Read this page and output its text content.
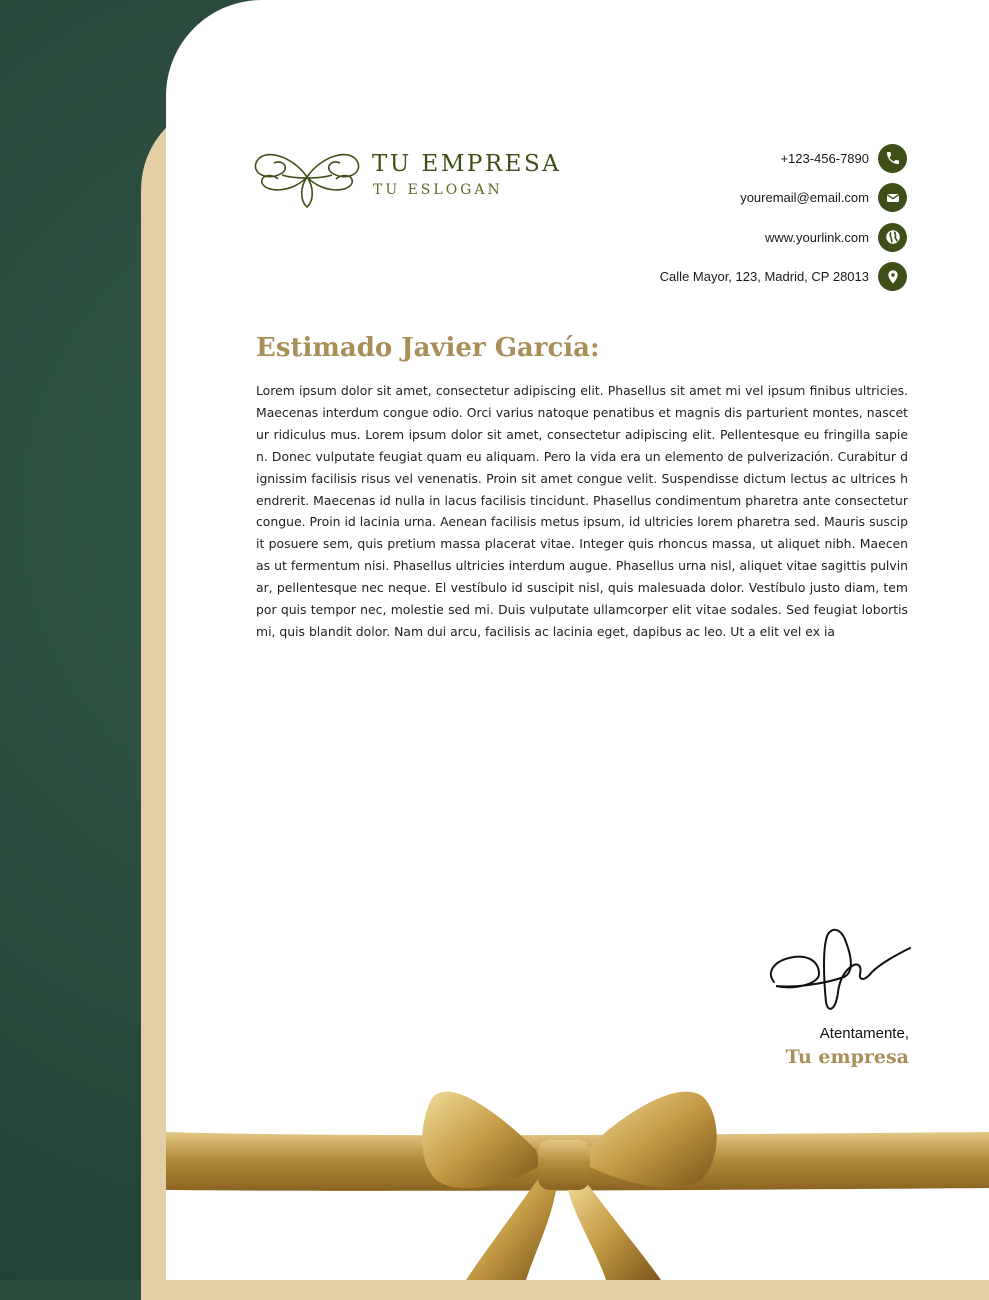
TU EMPRESA
TU ESLOGAN
+123-456-7890
youremail@email.com
www.yourlink.com
Calle Mayor, 123, Madrid, CP 28013
Estimado Javier García:
Lorem ipsum dolor sit amet, consectetur adipiscing elit. Phasellus sit amet mi vel ipsum finibus ultricies. Maecenas interdum congue odio. Orci varius natoque penatibus et magnis dis parturient montes, nascetur ridiculus mus. Lorem ipsum dolor sit amet, consectetur adipiscing elit. Pellentesque eu fringilla sapien. Donec vulputate feugiat quam eu aliquam. Pero la vida era un elemento de pulverización. Curabitur dignissim facilisis risus vel venenatis. Proin sit amet congue velit. Suspendisse dictum lectus ac ultrices hendrerit. Maecenas id nulla in lacus facilisis tincidunt. Phasellus condimentum pharetra ante consectetur congue. Proin id lacinia urna. Aenean facilisis metus ipsum, id ultricies lorem pharetra sed. Mauris suscipit posuere sem, quis pretium massa placerat vitae. Integer quis rhoncus massa, ut aliquet nibh. Maecenas ut fermentum nisi. Phasellus ultricies interdum augue. Phasellus urna nisl, aliquet vitae sagittis pulvinar, pellentesque nec neque. El vestíbulo id suscipit nisl, quis malesuada dolor. Vestíbulo justo diam, tempor quis tempor nec, molestie sed mi. Duis vulputate ullamcorper elit vitae sodales. Sed feugiat lobortis mi, quis blandit dolor. Nam dui arcu, facilisis ac lacinia eget, dapibus ac leo. Ut a elit vel ex ia
Atentamente,
Tu empresa
